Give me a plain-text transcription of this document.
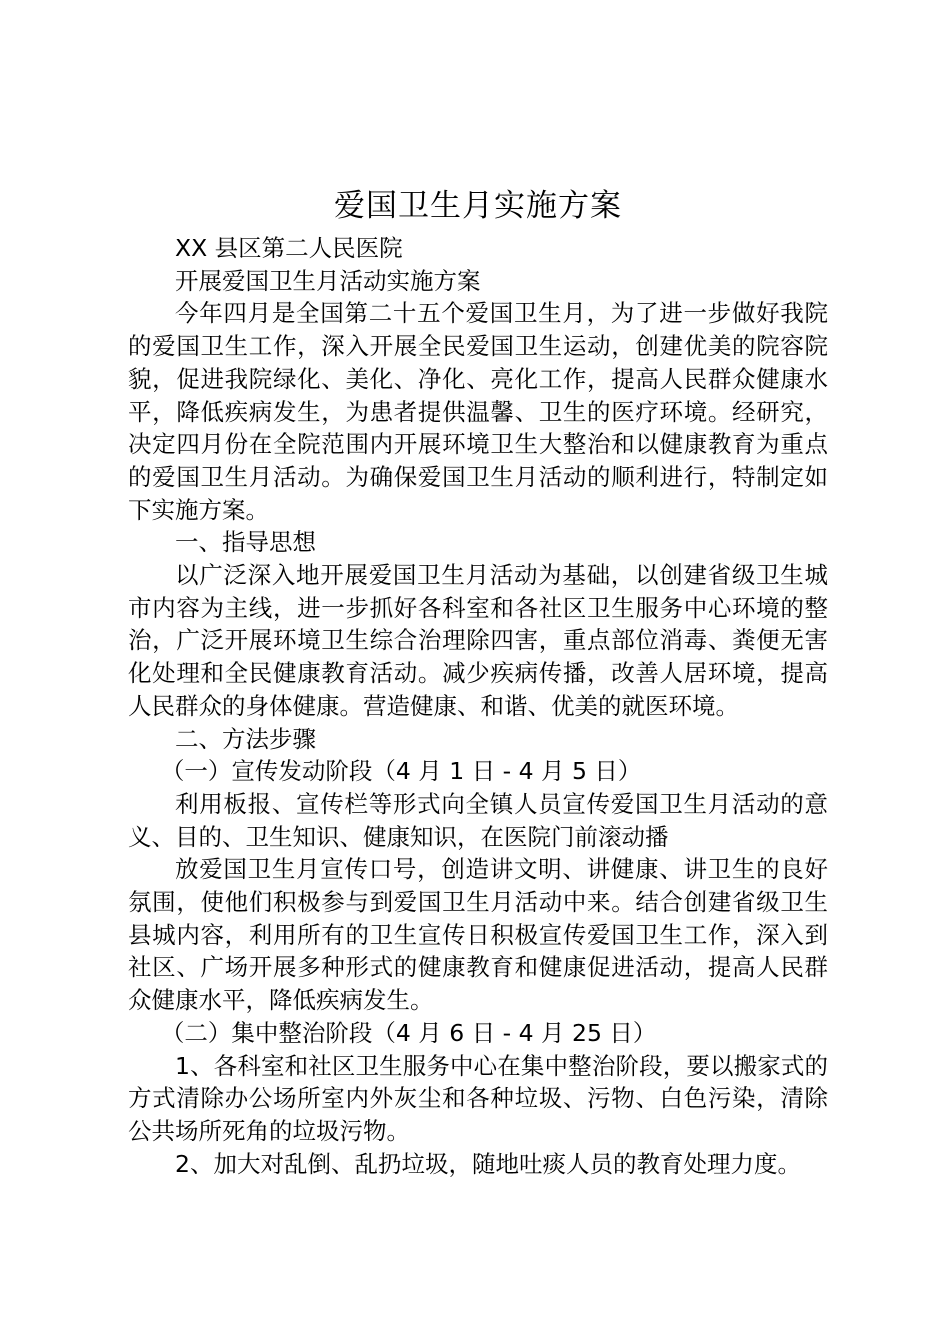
爱国卫生月实施方案

XX 县区第二人民医院

开展爱国卫生月活动实施方案

今年四月是全国第二十五个爱国卫生月，为了进一步做好我院的爱国卫生工作，深入开展全民爱国卫生运动，创建优美的院容院貌，促进我院绿化、美化、净化、亮化工作，提高人民群众健康水平，降低疾病发生，为患者提供温馨、卫生的医疗环境。经研究，决定四月份在全院范围内开展环境卫生大整治和以健康教育为重点的爱国卫生月活动。为确保爱国卫生月活动的顺利进行，特制定如下实施方案。

一、指导思想

以广泛深入地开展爱国卫生月活动为基础，以创建省级卫生城市内容为主线，进一步抓好各科室和各社区卫生服务中心环境的整治，广泛开展环境卫生综合治理除四害，重点部位消毒、粪便无害化处理和全民健康教育活动。减少疾病传播，改善人居环境，提高人民群众的身体健康。营造健康、和谐、优美的就医环境。

二、方法步骤

（一）宣传发动阶段（4 月 1 日 - 4 月 5 日）

利用板报、宣传栏等形式向全镇人员宣传爱国卫生月活动的意义、目的、卫生知识、健康知识，在医院门前滚动播

放爱国卫生月宣传口号，创造讲文明、讲健康、讲卫生的良好氛围，使他们积极参与到爱国卫生月活动中来。结合创建省级卫生县城内容，利用所有的卫生宣传日积极宣传爱国卫生工作，深入到社区、广场开展多种形式的健康教育和健康促进活动，提高人民群众健康水平，降低疾病发生。

（二）集中整治阶段（4 月 6 日 - 4 月 25 日）

1、各科室和社区卫生服务中心在集中整治阶段，要以搬家式的方式清除办公场所室内外灰尘和各种垃圾、污物、白色污染，清除公共场所死角的垃圾污物。

2、加大对乱倒、乱扔垃圾，随地吐痰人员的教育处理力度。
